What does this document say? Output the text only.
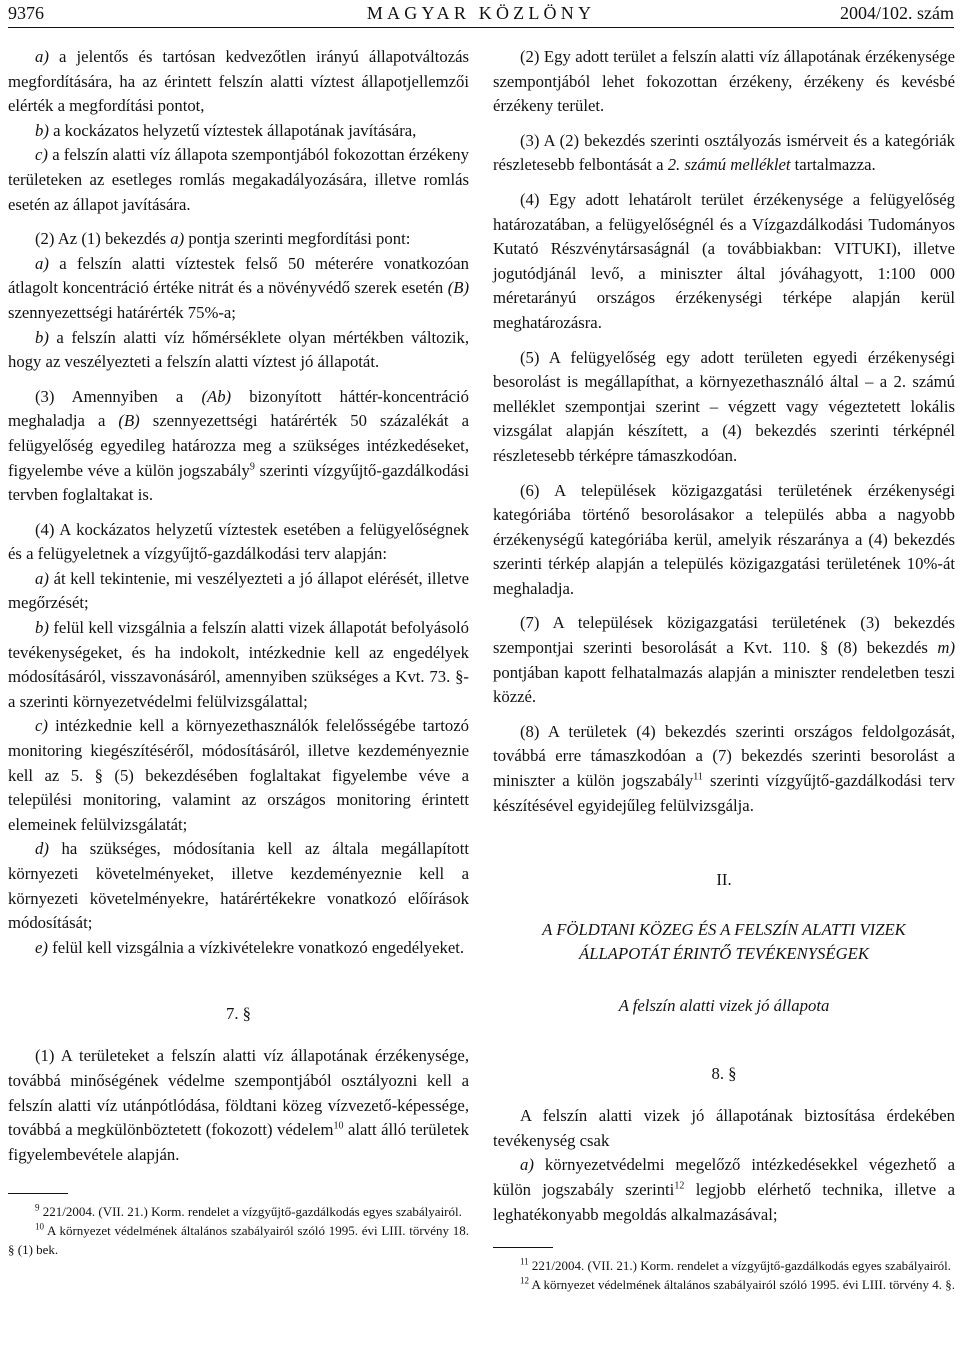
9376	MAGYAR KÖZLÖNY	2004/102. szám

a) a jelentős és tartósan kedvezőtlen irányú állapotváltozás megfordítására, ha az érintett felszín alatti víztest állapotjellemzői elérték a megfordítási pontot,

b) a kockázatos helyzetű víztestek állapotának javítására,

c) a felszín alatti víz állapota szempontjából fokozottan érzékeny területeken az esetleges romlás megakadályozására, illetve romlás esetén az állapot javítására.

(2) Az (1) bekezdés a) pontja szerinti megfordítási pont:

a) a felszín alatti víztestek felső 50 méterére vonatkozóan átlagolt koncentráció értéke nitrát és a növényvédő szerek esetén (B) szennyezettségi határérték 75%-a;

b) a felszín alatti víz hőmérséklete olyan mértékben változik, hogy az veszélyezteti a felszín alatti víztest jó állapotát.

(3) Amennyiben a (Ab) bizonyított háttér-koncentráció meghaladja a (B) szennyezettségi határérték 50 százalékát a felügyelőség egyedileg határozza meg a szükséges intézkedéseket, figyelembe véve a külön jogszabály$^9$ szerinti vízgyűjtő-gazdálkodási tervben foglaltakat is.

(4) A kockázatos helyzetű víztestek esetében a felügyelőségnek és a felügyeletnek a vízgyűjtő-gazdálkodási terv alapján:

a) át kell tekintenie, mi veszélyezteti a jó állapot elérését, illetve megőrzését;

b) felül kell vizsgálnia a felszín alatti vizek állapotát befolyásoló tevékenységeket, és ha indokolt, intézkednie kell az engedélyek módosításáról, visszavonásáról, amennyiben szükséges a Kvt. 73. §-a szerinti környezetvédelmi felülvizsgálattal;

c) intézkednie kell a környezethasználók felelősségébe tartozó monitoring kiegészítéséről, módosításáról, illetve kezdeményeznie kell az 5. § (5) bekezdésében foglaltakat figyelembe véve a települési monitoring, valamint az országos monitoring érintett elemeinek felülvizsgálatát;

d) ha szükséges, módosítania kell az általa megállapított környezeti követelményeket, illetve kezdeményeznie kell a környezeti követelményekre, határértékekre vonatkozó előírások módosítását;

e) felül kell vizsgálnia a vízkivételekre vonatkozó engedélyeket.

7. §

(1) A területeket a felszín alatti víz állapotának érzékenysége, továbbá minőségének védelme szempontjából osztályozni kell a felszín alatti víz utánpótlódása, földtani közeg vízvezető-képessége, továbbá a megkülönböztetett (fokozott) védelem$^{10}$ alatt álló területek figyelembevétele alapján.

$^9$ 221/2004. (VII. 21.) Korm. rendelet a vízgyűjtő-gazdálkodás egyes szabályairól.

$^{10}$ A környezet védelmének általános szabályairól szóló 1995. évi LIII. törvény 18. § (1) bek.

(2) Egy adott terület a felszín alatti víz állapotának érzékenysége szempontjából lehet fokozottan érzékeny, érzékeny és kevésbé érzékeny terület.

(3) A (2) bekezdés szerinti osztályozás ismérveit és a kategóriák részletesebb felbontását a 2. számú melléklet tartalmazza.

(4) Egy adott lehatárolt terület érzékenysége a felügyelőség határozatában, a felügyelőségnél és a Vízgazdálkodási Tudományos Kutató Részvénytársaságnál (a továbbiakban: VITUKI), illetve jogutódjánál levő, a miniszter által jóváhagyott, 1:100 000 méretarányú országos érzékenységi térképe alapján kerül meghatározásra.

(5) A felügyelőség egy adott területen egyedi érzékenységi besorolást is megállapíthat, a környezethasználó által – a 2. számú melléklet szempontjai szerint – végzett vagy végeztetett lokális vizsgálat alapján készített, a (4) bekezdés szerinti térképnél részletesebb térképre támaszkodóan.

(6) A települések közigazgatási területének érzékenységi kategóriába történő besorolásakor a település abba a nagyobb érzékenységű kategóriába kerül, amelyik részaránya a (4) bekezdés szerinti térkép alapján a település közigazgatási területének 10%-át meghaladja.

(7) A települések közigazgatási területének (3) bekezdés szempontjai szerinti besorolását a Kvt. 110. § (8) bekezdés m) pontjában kapott felhatalmazás alapján a miniszter rendeletben teszi közzé.

(8) A területek (4) bekezdés szerinti országos feldolgozását, továbbá erre támaszkodóan a (7) bekezdés szerinti besorolást a miniszter a külön jogszabály$^{11}$ szerinti vízgyűjtő-gazdálkodási terv készítésével egyidejűleg felülvizsgálja.

II.

A FÖLDTANI KÖZEG ÉS A FELSZÍN ALATTI VIZEK

ÁLLAPOTÁT ÉRINTŐ TEVÉKENYSÉGEK

A felszín alatti vizek jó állapota

8. §

A felszín alatti vizek jó állapotának biztosítása érdekében tevékenység csak

a) környezetvédelmi megelőző intézkedésekkel végezhető a külön jogszabály szerinti$^{12}$ legjobb elérhető technika, illetve a leghatékonyabb megoldás alkalmazásával;

$^{11}$ 221/2004. (VII. 21.) Korm. rendelet a vízgyűjtő-gazdálkodás egyes szabályairól.

$^{12}$ A környezet védelmének általános szabályairól szóló 1995. évi LIII. törvény 4. §.
